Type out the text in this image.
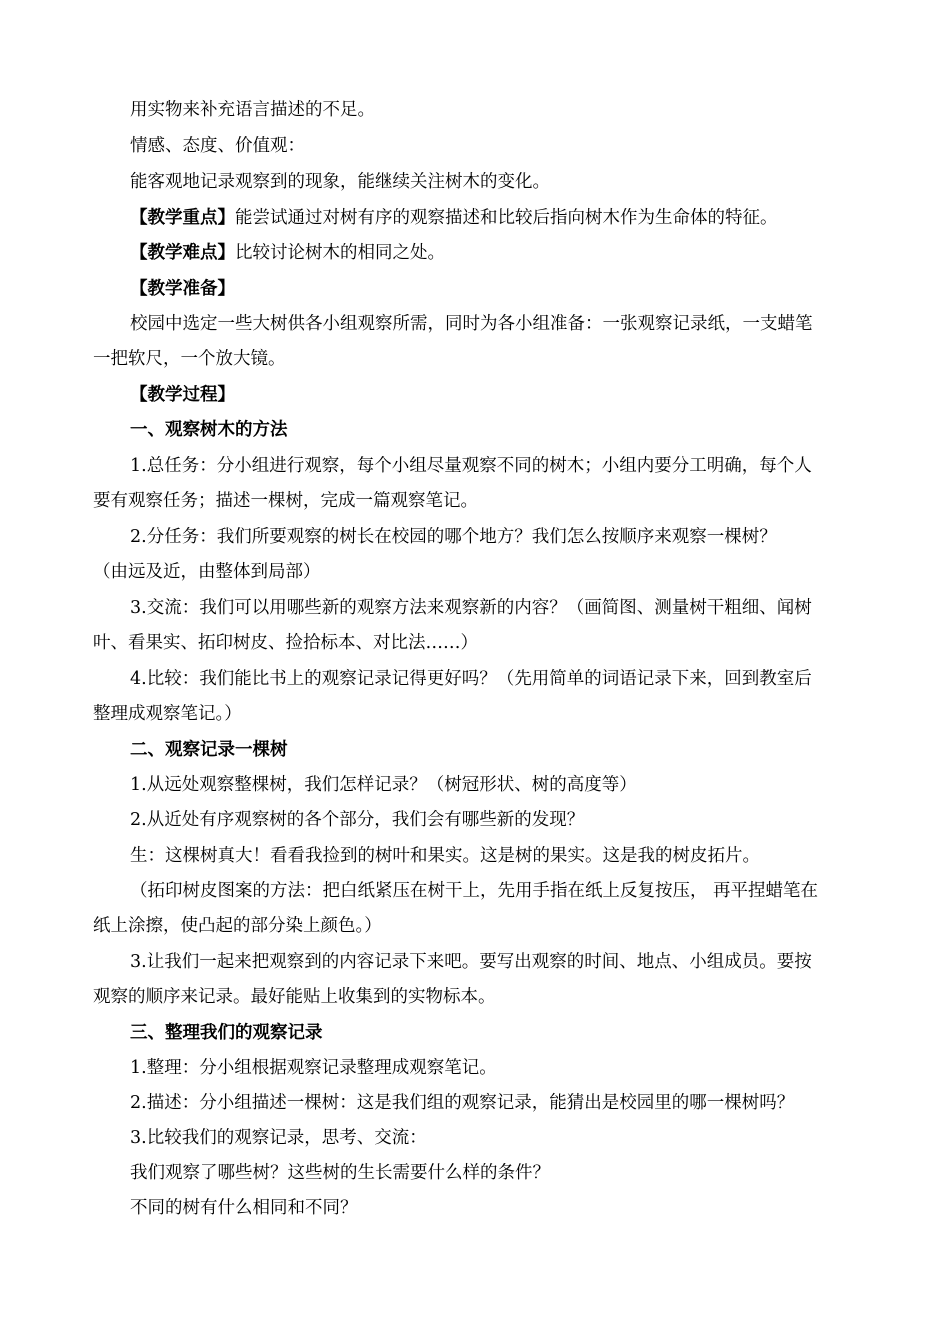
用实物来补充语言描述的不足。
情感、态度、价值观：
能客观地记录观察到的现象，能继续关注树木的变化。
【教学重点】能尝试通过对树有序的观察描述和比较后指向树木作为生命体的特征。
【教学难点】比较讨论树木的相同之处。
【教学准备】
校园中选定一些大树供各小组观察所需，同时为各小组准备：一张观察记录纸，一支蜡笔
一把软尺，一个放大镜。
【教学过程】
一、观察树木的方法
1.总任务：分小组进行观察，每个小组尽量观察不同的树木；小组内要分工明确，每个人
要有观察任务；描述一棵树，完成一篇观察笔记。
2.分任务：我们所要观察的树长在校园的哪个地方？我们怎么按顺序来观察一棵树？
（由远及近，由整体到局部）
3.交流：我们可以用哪些新的观察方法来观察新的内容？（画简图、测量树干粗细、闻树
叶、看果实、拓印树皮、捡拾标本、对比法……）
4.比较：我们能比书上的观察记录记得更好吗？（先用简单的词语记录下来，回到教室后
整理成观察笔记。）
二、观察记录一棵树
1.从远处观察整棵树，我们怎样记录？（树冠形状、树的高度等）
2.从近处有序观察树的各个部分，我们会有哪些新的发现？
生：这棵树真大！看看我捡到的树叶和果实。这是树的果实。这是我的树皮拓片。
（拓印树皮图案的方法：把白纸紧压在树干上，先用手指在纸上反复按压， 再平捏蜡笔在
纸上涂擦，使凸起的部分染上颜色。）
3.让我们一起来把观察到的内容记录下来吧。要写出观察的时间、地点、小组成员。要按
观察的顺序来记录。最好能贴上收集到的实物标本。
三、整理我们的观察记录
1.整理：分小组根据观察记录整理成观察笔记。
2.描述：分小组描述一棵树：这是我们组的观察记录，能猜出是校园里的哪一棵树吗？
3.比较我们的观察记录，思考、交流：
我们观察了哪些树？这些树的生长需要什么样的条件？
不同的树有什么相同和不同？
